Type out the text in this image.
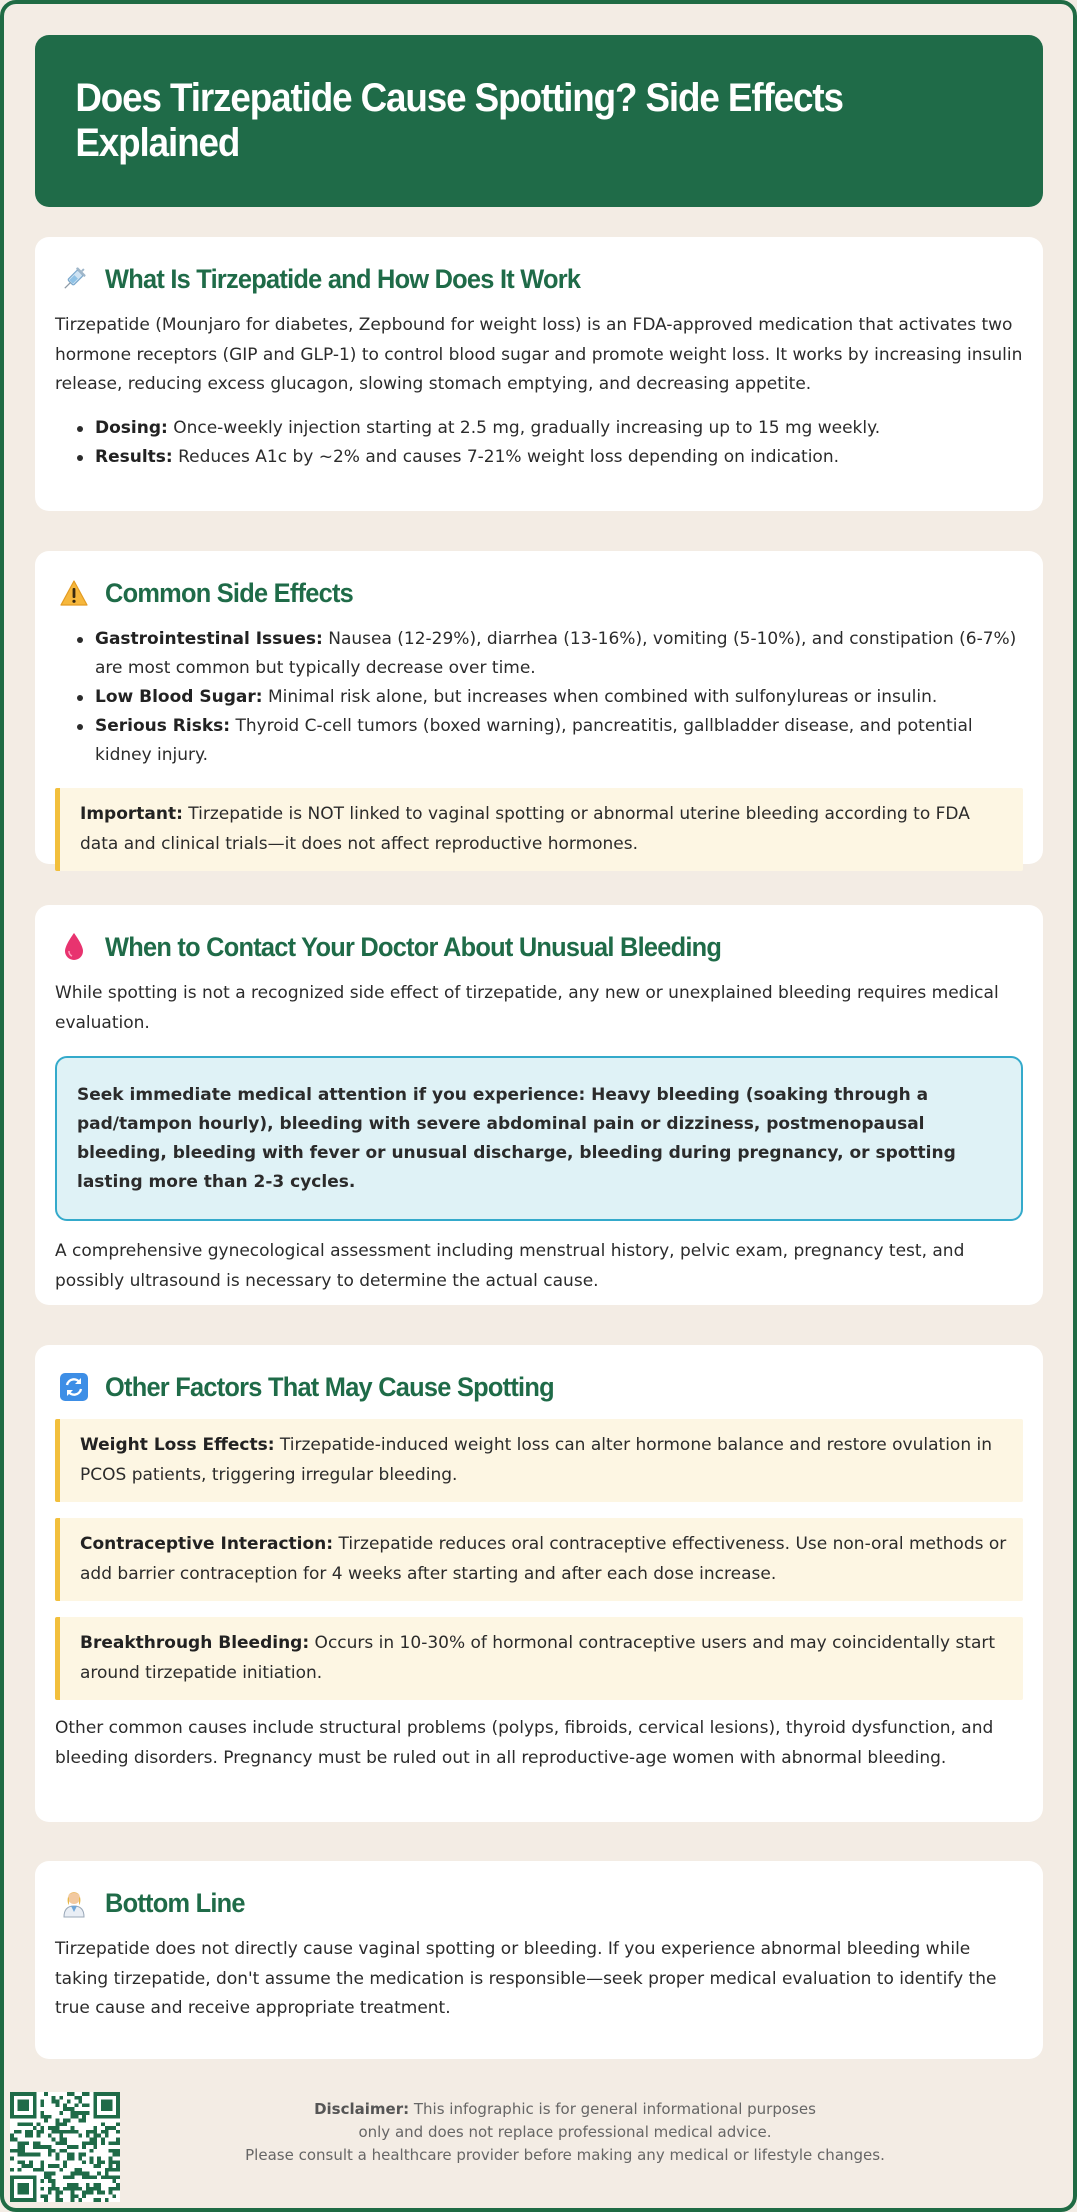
Does Tirzepatide Cause Spotting? Side Effects Explained
What Is Tirzepatide and How Does It Work

Tirzepatide (Mounjaro for diabetes, Zepbound for weight loss) is an FDA-approved medication that activates two hormone receptors (GIP and GLP-1) to control blood sugar and promote weight loss. It works by increasing insulin release, reducing excess glucagon, slowing stomach emptying, and decreasing appetite.

Dosing: Once-weekly injection starting at 2.5 mg, gradually increasing up to 15 mg weekly.
Results: Reduces A1c by ~2% and causes 7-21% weight loss depending on indication.
Common Side Effects
Gastrointestinal Issues: Nausea (12-29%), diarrhea (13-16%), vomiting (5-10%), and constipation (6-7%) are most common but typically decrease over time.
Low Blood Sugar: Minimal risk alone, but increases when combined with sulfonylureas or insulin.
Serious Risks: Thyroid C-cell tumors (boxed warning), pancreatitis, gallbladder disease, and potential kidney injury.
Important: Tirzepatide is NOT linked to vaginal spotting or abnormal uterine bleeding according to FDA data and clinical trials—it does not affect reproductive hormones.
When to Contact Your Doctor About Unusual Bleeding

While spotting is not a recognized side effect of tirzepatide, any new or unexplained bleeding requires medical evaluation.

Seek immediate medical attention if you experience: Heavy bleeding (soaking through a pad/tampon hourly), bleeding with severe abdominal pain or dizziness, postmenopausal bleeding, bleeding with fever or unusual discharge, bleeding during pregnancy, or spotting lasting more than 2-3 cycles.

A comprehensive gynecological assessment including menstrual history, pelvic exam, pregnancy test, and possibly ultrasound is necessary to determine the actual cause.

Other Factors That May Cause Spotting
Weight Loss Effects: Tirzepatide-induced weight loss can alter hormone balance and restore ovulation in PCOS patients, triggering irregular bleeding.
Contraceptive Interaction: Tirzepatide reduces oral contraceptive effectiveness. Use non-oral methods or add barrier contraception for 4 weeks after starting and after each dose increase.
Breakthrough Bleeding: Occurs in 10-30% of hormonal contraceptive users and may coincidentally start around tirzepatide initiation.

Other common causes include structural problems (polyps, fibroids, cervical lesions), thyroid dysfunction, and bleeding disorders. Pregnancy must be ruled out in all reproductive-age women with abnormal bleeding.

Bottom Line

Tirzepatide does not directly cause vaginal spotting or bleeding. If you experience abnormal bleeding while taking tirzepatide, don't assume the medication is responsible—seek proper medical evaluation to identify the true cause and receive appropriate treatment.

Disclaimer: This infographic is for general informational purposes
only and does not replace professional medical advice.
Please consult a healthcare provider before making any medical or lifestyle changes.
